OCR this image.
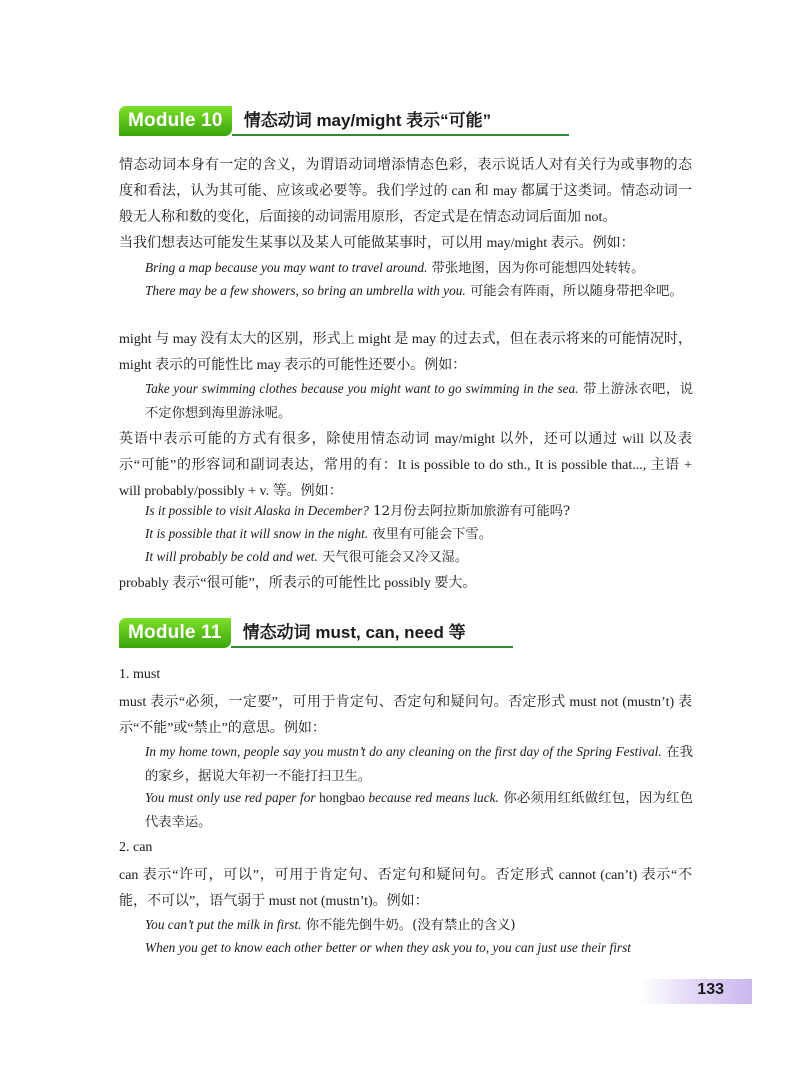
Module 10	情态动词 may/might 表示“可能”

情态动词本身有一定的含义，为谓语动词增添情态色彩，表示说话人对有关行为或事物的态度和看法，认为其可能、应该或必要等。我们学过的 can 和 may 都属于这类词。情态动词一般无人称和数的变化，后面接的动词需用原形，否定式是在情态动词后面加 not。

当我们想表达可能发生某事以及某人可能做某事时，可以用 may/might 表示。例如：

Bring a map because you may want to travel around. 带张地图，因为你可能想四处转转。

There may be a few showers, so bring an umbrella with you. 可能会有阵雨，所以随身带把伞吧。

might 与 may 没有太大的区别，形式上 might 是 may 的过去式，但在表示将来的可能情况时，might 表示的可能性比 may 表示的可能性还要小。例如：

Take your swimming clothes because you might want to go swimming in the sea. 带上游泳衣吧，说不定你想到海里游泳呢。

英语中表示可能的方式有很多，除使用情态动词 may/might 以外，还可以通过 will 以及表示“可能”的形容词和副词表达，常用的有：It is possible to do sth., It is possible that..., 主语 + will probably/possibly + v. 等。例如：

Is it possible to visit Alaska in December? 12月份去阿拉斯加旅游有可能吗?

It is possible that it will snow in the night. 夜里有可能会下雪。

It will probably be cold and wet. 天气很可能会又冷又湿。

probably 表示“很可能”，所表示的可能性比 possibly 要大。

Module 11	情态动词 must, can, need 等

1. must

must 表示“必须，一定要”，可用于肯定句、否定句和疑问句。否定形式 must not (mustn’t) 表示“不能”或“禁止”的意思。例如：

In my home town, people say you mustn’t do any cleaning on the first day of the Spring Festival. 在我的家乡，据说大年初一不能打扫卫生。

You must only use red paper for hongbao because red means luck. 你必须用红纸做红包，因为红色代表幸运。

2. can

can 表示“许可，可以”，可用于肯定句、否定句和疑问句。否定形式 cannot (can’t) 表示“不能，不可以”，语气弱于 must not (mustn’t)。例如：

You can’t put the milk in first. 你不能先倒牛奶。(没有禁止的含义)

When you get to know each other better or when they ask you to, you can just use their first

133
